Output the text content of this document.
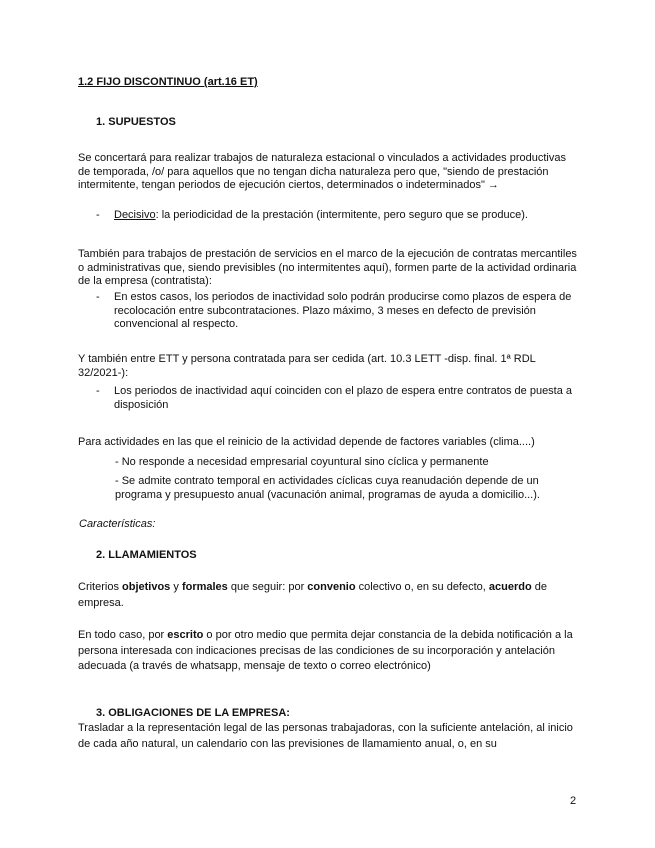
1.2 FIJO DISCONTINUO (art.16 ET)

1. SUPUESTOS

Se concertará para realizar trabajos de naturaleza estacional o vinculados a actividades productivas de temporada, /o/ para aquellos que no tengan dicha naturaleza pero que, "siendo de prestación intermitente, tengan periodos de ejecución ciertos, determinados o indeterminados" →

- Decisivo: la periodicidad de la prestación (intermitente, pero seguro que se produce).

También para trabajos de prestación de servicios en el marco de la ejecución de contratas mercantiles o administrativas que, siendo previsibles (no intermitentes aquí), formen parte de la actividad ordinaria de la empresa (contratista):

- En estos casos, los periodos de inactividad solo podrán producirse como plazos de espera de recolocación entre subcontrataciones. Plazo máximo, 3 meses en defecto de previsión convencional al respecto.

Y también entre ETT y persona contratada para ser cedida (art. 10.3 LETT -disp. final. 1ª RDL 32/2021-):

- Los periodos de inactividad aquí coinciden con el plazo de espera entre contratos de puesta a disposición

Para actividades en las que el reinicio de la actividad depende de factores variables (clima....)

- No responde a necesidad empresarial coyuntural sino cíclica y permanente

- Se admite contrato temporal en actividades cíclicas cuya reanudación depende de un programa y presupuesto anual (vacunación animal, programas de ayuda a domicilio...).

Características:

2. LLAMAMIENTOS

Criterios objetivos y formales que seguir: por convenio colectivo o, en su defecto, acuerdo de empresa.

En todo caso, por escrito o por otro medio que permita dejar constancia de la debida notificación a la persona interesada con indicaciones precisas de las condiciones de su incorporación y antelación adecuada (a través de whatsapp, mensaje de texto o correo electrónico)

3. OBLIGACIONES DE LA EMPRESA:

Trasladar a la representación legal de las personas trabajadoras, con la suficiente antelación, al inicio de cada año natural, un calendario con las previsiones de llamamiento anual, o, en su

2
